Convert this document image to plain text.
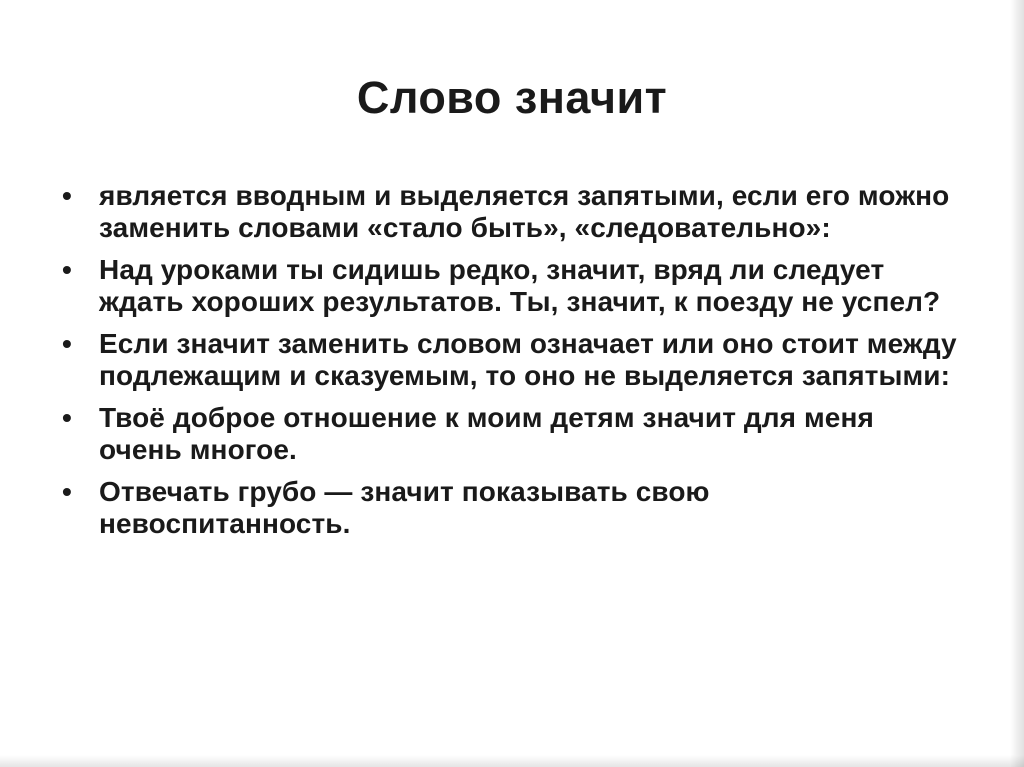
Слово значит
• является вводным и выделяется запятыми, если его можно заменить словами «стало быть», «следовательно»:
• Над уроками ты сидишь редко, значит, вряд ли следует ждать хороших результатов. Ты, значит, к поезду не успел?
• Если значит заменить словом означает или оно стоит между подлежащим и сказуемым, то оно не выделяется запятыми:
• Твоё доброе отношение к моим детям значит для меня очень многое.
• Отвечать грубо — значит показывать свою невоспитанность.
